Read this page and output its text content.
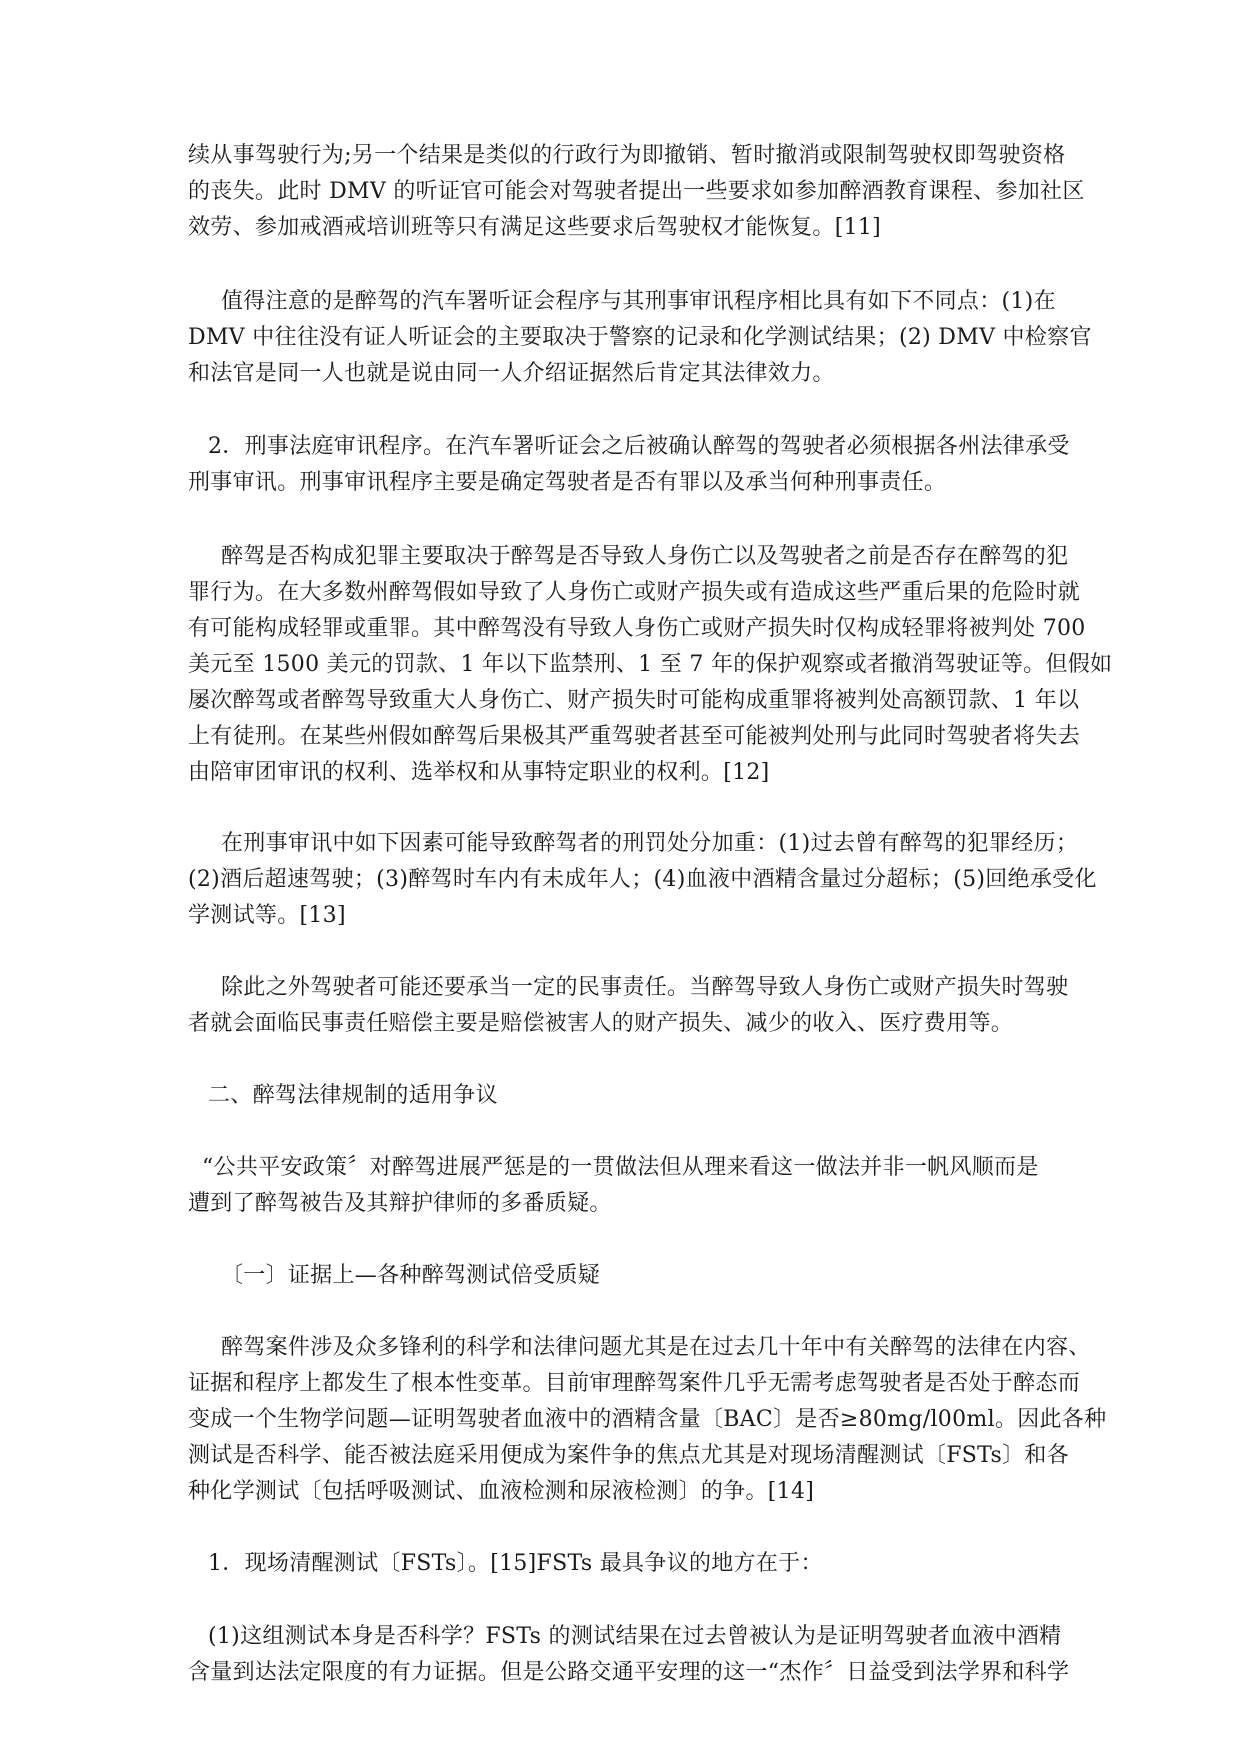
续从事驾驶行为;另一个结果是类似的行政行为即撤销、暂时撤消或限制驾驶权即驾驶资格
的丧失。此时 DMV 的听证官可能会对驾驶者提出一些要求如参加醉酒教育课程、参加社区
效劳、参加戒酒戒培训班等只有满足这些要求后驾驶权才能恢复。[11]
值得注意的是醉驾的汽车署听证会程序与其刑事审讯程序相比具有如下不同点：(1)在
DMV 中往往没有证人听证会的主要取决于警察的记录和化学测试结果；(2) DMV 中检察官
和法官是同一人也就是说由同一人介绍证据然后肯定其法律效力。
2．刑事法庭审讯程序。在汽车署听证会之后被确认醉驾的驾驶者必须根据各州法律承受
刑事审讯。刑事审讯程序主要是确定驾驶者是否有罪以及承当何种刑事责任。
醉驾是否构成犯罪主要取决于醉驾是否导致人身伤亡以及驾驶者之前是否存在醉驾的犯
罪行为。在大多数州醉驾假如导致了人身伤亡或财产损失或有造成这些严重后果的危险时就
有可能构成轻罪或重罪。其中醉驾没有导致人身伤亡或财产损失时仅构成轻罪将被判处 700
美元至 1500 美元的罚款、1 年以下监禁刑、1 至 7 年的保护观察或者撤消驾驶证等。但假如
屡次醉驾或者醉驾导致重大人身伤亡、财产损失时可能构成重罪将被判处高额罚款、1 年以
上有徒刑。在某些州假如醉驾后果极其严重驾驶者甚至可能被判处刑与此同时驾驶者将失去
由陪审团审讯的权利、选举权和从事特定职业的权利。[12]
在刑事审讯中如下因素可能导致醉驾者的刑罚处分加重：(1)过去曾有醉驾的犯罪经历；
(2)酒后超速驾驶；(3)醉驾时车内有未成年人；(4)血液中酒精含量过分超标；(5)回绝承受化
学测试等。[13]
除此之外驾驶者可能还要承当一定的民事责任。当醉驾导致人身伤亡或财产损失时驾驶
者就会面临民事责任赔偿主要是赔偿被害人的财产损失、减少的收入、医疗费用等。
二、醉驾法律规制的适用争议
“公共平安政策〞对醉驾进展严惩是的一贯做法但从理来看这一做法并非一帆风顺而是
遭到了醉驾被告及其辩护律师的多番质疑。
〔一〕证据上—各种醉驾测试倍受质疑
醉驾案件涉及众多锋利的科学和法律问题尤其是在过去几十年中有关醉驾的法律在内容、
证据和程序上都发生了根本性变革。目前审理醉驾案件几乎无需考虑驾驶者是否处于醉态而
变成一个生物学问题—证明驾驶者血液中的酒精含量〔BAC〕是否≥80mg/l00ml。因此各种
测试是否科学、能否被法庭采用便成为案件争的焦点尤其是对现场清醒测试〔FSTs〕和各
种化学测试〔包括呼吸测试、血液检测和尿液检测〕的争。[14]
1．现场清醒测试〔FSTs〕。[15]FSTs 最具争议的地方在于：
(1)这组测试本身是否科学？FSTs 的测试结果在过去曾被认为是证明驾驶者血液中酒精
含量到达法定限度的有力证据。但是公路交通平安理的这一“杰作〞日益受到法学界和科学
